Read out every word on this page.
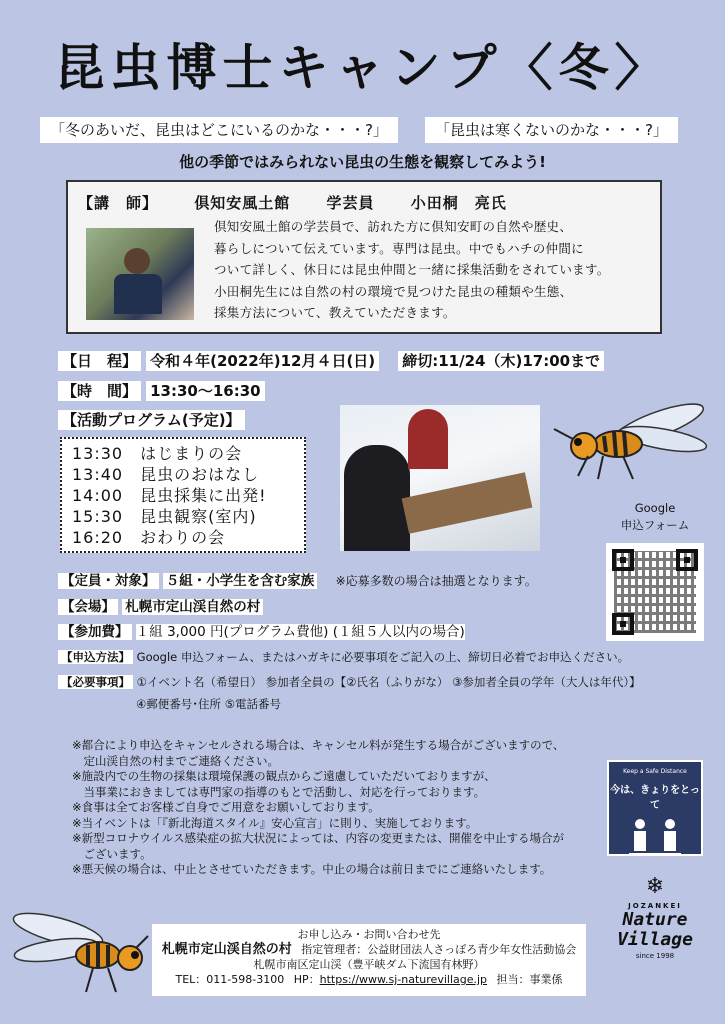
昆虫博士キャンプ〈冬〉
「冬のあいだ、昆虫はどこにいるのかな・・・?」	「昆虫は寒くないのかな・・・?」
他の季節ではみられない昆虫の生態を観察してみよう!
【講　師】 倶知安風土館 学芸員 小田桐　亮氏
倶知安風土館の学芸員で、訪れた方に倶知安町の自然や歴史、
暮らしについて伝えています。専門は昆虫。中でもハチの仲間に
ついて詳しく、休日には昆虫仲間と一緒に採集活動をされています。
小田桐先生には自然の村の環境で見つけた昆虫の種類や生態、
採集方法について、教えていただきます。
【日　程】 令和４年(2022年)12月４日(日) 締切:11/24（木)17:00まで
【時　間】 13:30～16:30
【活動プログラム(予定)】
13:30　はじまりの会
13:40　昆虫のおはなし
14:00　昆虫採集に出発!
15:30　昆虫観察(室内)
16:20　おわりの会
Google
申込フォーム
【定員・対象】 ５組・小学生を含む家族 ※応募多数の場合は抽選となります。
【会場】 札幌市定山渓自然の村
【参加費】 １組 3,000 円(プログラム費他) (１組５人以内の場合)
【申込方法】 Google 申込フォーム、またはハガキに必要事項をご記入の上、締切日必着でお申込ください。
【必要事項】 ①イベント名（希望日） 参加者全員の【②氏名（ふりがな） ③参加者全員の学年（大人は年代）】
④郵便番号･住所 ⑤電話番号
※都合により申込をキャンセルされる場合は、キャンセル料が発生する場合がございますので、
　定山渓自然の村までご連絡ください。
※施設内での生物の採集は環境保護の観点からご遠慮していただいておりますが、
　当事業におきましては専門家の指導のもとで活動し、対応を行っております。
※食事は全てお客様ご自身でご用意をお願いしております。
※当イベントは「『新北海道スタイル』安心宣言」に則り、実施しております。
※新型コロナウイルス感染症の拡大状況によっては、内容の変更または、開催を中止する場合が
　ございます。
※悪天候の場合は、中止とさせていただきます。中止の場合は前日までにご連絡いたします。
Keep a Safe Distance
今は、きょりをとって
❄
JOZANKEI
Nature
Village
since 1998
お申し込み・お問い合わせ先
札幌市定山渓自然の村 指定管理者：公益財団法人さっぽろ青少年女性活動協会
札幌市南区定山渓（豊平峡ダム下流国有林野）
TEL：011-598-3100 HP：https://www.sj-naturevillage.jp 担当：事業係
